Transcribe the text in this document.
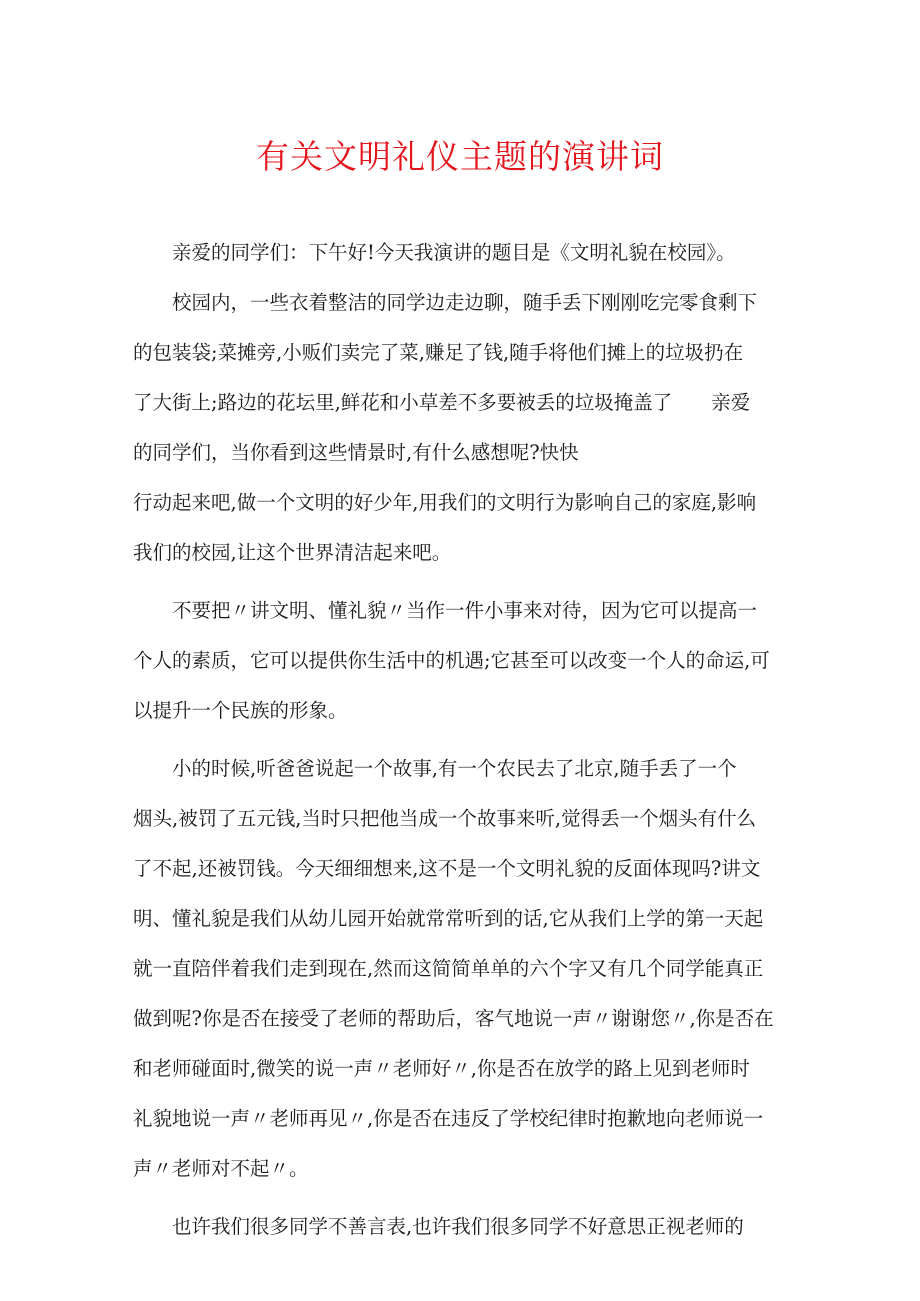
有关文明礼仪主题的演讲词
亲爱的同学们：下午好!今天我演讲的题目是《文明礼貌在校园》。
校园内，一些衣着整洁的同学边走边聊，随手丢下刚刚吃完零食剩下
的包装袋;菜摊旁,小贩们卖完了菜,赚足了钱,随手将他们摊上的垃圾扔在
了大街上;路边的花坛里,鲜花和小草差不多要被丢的垃圾掩盖了　　亲爱
的同学们，当你看到这些情景时,有什么感想呢?快快
行动起来吧,做一个文明的好少年,用我们的文明行为影响自己的家庭,影响
我们的校园,让这个世界清洁起来吧。
不要把〃讲文明、懂礼貌〃当作一件小事来对待，因为它可以提高一
个人的素质，它可以提供你生活中的机遇;它甚至可以改变一个人的命运,可
以提升一个民族的形象。
小的时候,听爸爸说起一个故事,有一个农民去了北京,随手丢了一个
烟头,被罚了五元钱,当时只把他当成一个故事来听,觉得丢一个烟头有什么
了不起,还被罚钱。今天细细想来,这不是一个文明礼貌的反面体现吗?讲文
明、懂礼貌是我们从幼儿园开始就常常听到的话,它从我们上学的第一天起
就一直陪伴着我们走到现在,然而这简简单单的六个字又有几个同学能真正
做到呢?你是否在接受了老师的帮助后，客气地说一声〃谢谢您〃,你是否在
和老师碰面时,微笑的说一声〃老师好〃,你是否在放学的路上见到老师时
礼貌地说一声〃老师再见〃,你是否在违反了学校纪律时抱歉地向老师说一
声〃老师对不起〃。
也许我们很多同学不善言表,也许我们很多同学不好意思正视老师的
